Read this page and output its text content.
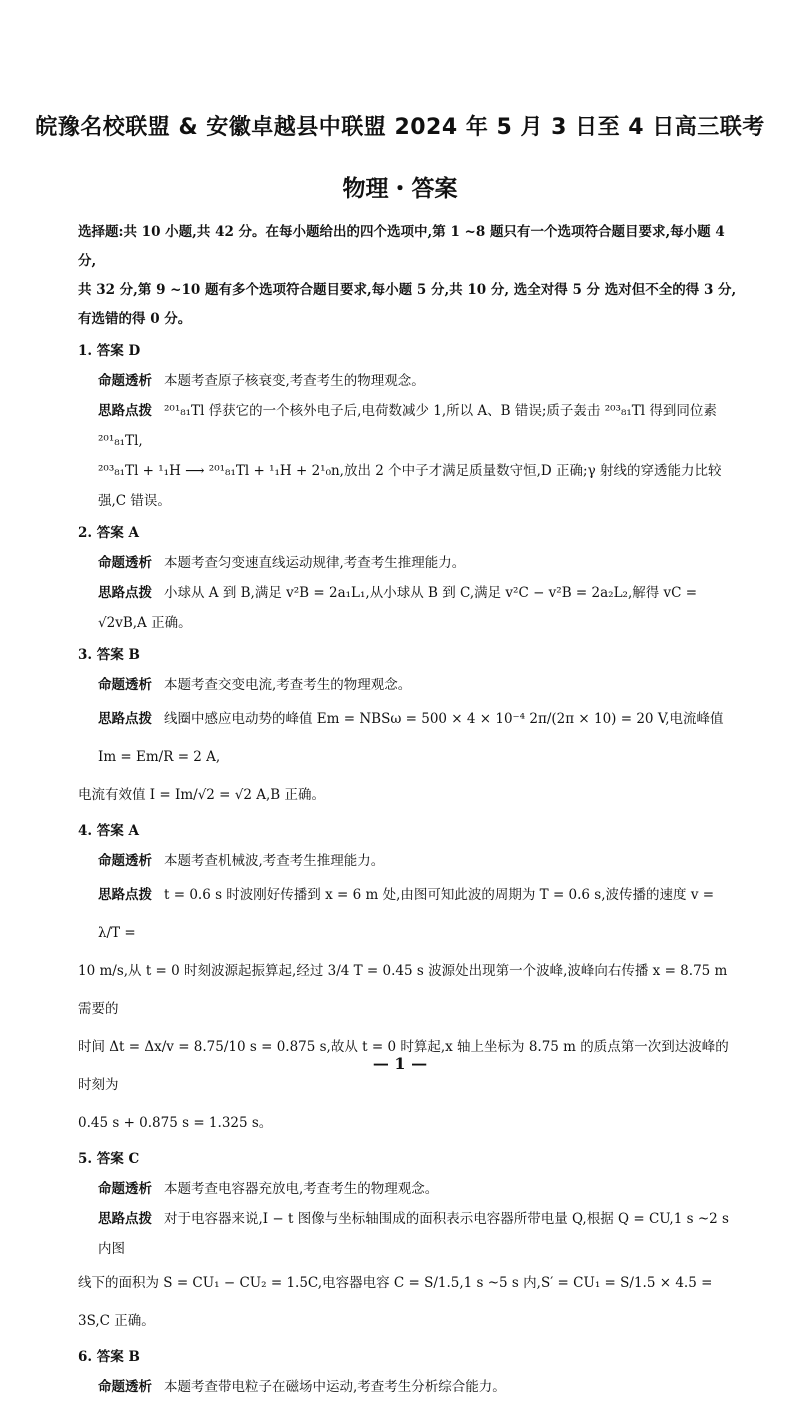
皖豫名校联盟 & 安徽卓越县中联盟 2024 年 5 月 3 日至 4 日高三联考
物理・答案

选择题:共 10 小题,共 42 分。在每小题给出的四个选项中,第 1 ~8 题只有一个选项符合题目要求,每小题 4 分,

共 32 分,第 9 ~10 题有多个选项符合题目要求,每小题 5 分,共 10 分, 选全对得 5 分 选对但不全的得 3 分,

有选错的得 0 分。

1. 答案 D

命题透析 本题考查原子核衰变,考查考生的物理观念。

思路点拨 ²⁰¹₈₁Tl 俘获它的一个核外电子后,电荷数减少 1,所以 A、B 错误;质子轰击 ²⁰³₈₁Tl 得到同位素 ²⁰¹₈₁Tl,

²⁰³₈₁Tl + ¹₁H ⟶ ²⁰¹₈₁Tl + ¹₁H + 2¹₀n,放出 2 个中子才满足质量数守恒,D 正确;γ 射线的穿透能力比较强,C 错误。

2. 答案 A

命题透析 本题考查匀变速直线运动规律,考查考生推理能力。

思路点拨 小球从 A 到 B,满足 v²B = 2a₁L₁,从小球从 B 到 C,满足 v²C − v²B = 2a₂L₂,解得 vC = √2vB,A 正确。

3. 答案 B

命题透析 本题考查交变电流,考查考生的物理观念。

思路点拨 线圈中感应电动势的峰值 Em = NBSω = 500 × 4 × 10⁻⁴ 2π/(2π × 10) = 20 V,电流峰值 Im = Em/R = 2 A,

电流有效值 I = Im/√2 = √2 A,B 正确。

4. 答案 A

命题透析 本题考查机械波,考查考生推理能力。

思路点拨 t = 0.6 s 时波刚好传播到 x = 6 m 处,由图可知此波的周期为 T = 0.6 s,波传播的速度 v = λ/T =

10 m/s,从 t = 0 时刻波源起振算起,经过 3/4 T = 0.45 s 波源处出现第一个波峰,波峰向右传播 x = 8.75 m 需要的

时间 Δt = Δx/v = 8.75/10 s = 0.875 s,故从 t = 0 时算起,x 轴上坐标为 8.75 m 的质点第一次到达波峰的时刻为

0.45 s + 0.875 s = 1.325 s。

5. 答案 C

命题透析 本题考查电容器充放电,考查考生的物理观念。

思路点拨 对于电容器来说,I − t 图像与坐标轴围成的面积表示电容器所带电量 Q,根据 Q = CU,1 s ~2 s 内图

线下的面积为 S = CU₁ − CU₂ = 1.5C,电容器电容 C = S/1.5,1 s ~5 s 内,S′ = CU₁ = S/1.5 × 4.5 = 3S,C 正确。

6. 答案 B

命题透析 本题考查带电粒子在磁场中运动,考查考生分析综合能力。

— 1 —
